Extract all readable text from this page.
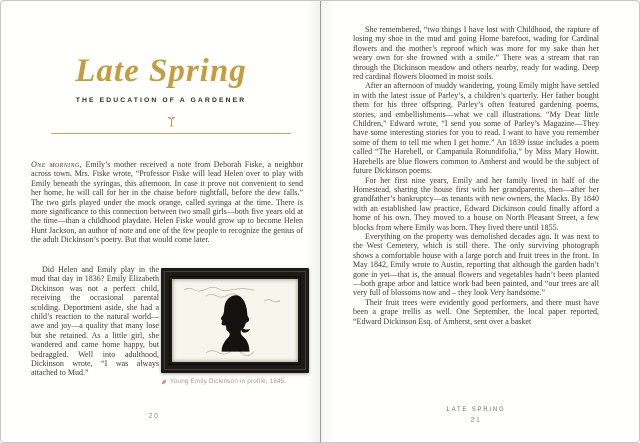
Late Spring
THE EDUCATION OF A GARDENER

One morning, Emily’s mother received a note from Deborah Fiske, a neighbor across town. Mrs. Fiske wrote, “Professor Fiske will lead Helen over to play with Emily beneath the syringas, this afternoon. In case it prove not convenient to send her home, he will call for her in the chaise before nightfall, before the dew falls.” The two girls played under the mock orange, called syringa at the time. There is more significance to this connection between two small girls—both five years old at the time—than a childhood playdate. Helen Fiske would grow up to become Helen Hunt Jackson, an author of note and one of the few people to recognize the genius of the adult Dickinson’s poetry. But that would come later.

Did Helen and Emily play in the mud that day in 1836? Emily Elizabeth Dickinson was not a perfect child, receiving the occasional parental scolding. Deportment aside, she had a child’s reaction to the natural world—awe and joy—a quality that many lose but she retained. As a little girl, she wandered and came home happy, but bedraggled. Well into adulthood, Dickinson wrote, “I was always attached to Mud.”

Young Emily Dickinson in profile, 1845.
20

She remembered, “two things I have lost with Childhood, the rapture of losing my shoe in the mud and going Home barefoot, wading for Cardinal flowers and the mother’s reproof which was more for my sake than her weary own for she frowned with a smile.” There was a stream that ran through the Dickinson meadow and others nearby, ready for wading. Deep red cardinal flowers bloomed in moist soils.

After an afternoon of muddy wandering, young Emily might have settled in with the latest issue of Parley’s, a children’s quarterly. Her father bought them for his three offspring. Parley’s often featured gardening poems, stories, and embellishments—what we call illustrations. “My Dear little Children,” Edward wrote, “I send you some of Parley’s Magazine—They have some interesting stories for you to read. I want to have you remember some of them to tell me when I get home.” An 1839 issue includes a poem called “The Harebell, or Campanula Rotundifolia,” by Miss Mary Howitt. Harebells are blue flowers common to Amherst and would be the subject of future Dickinson poems.

For her first nine years, Emily and her family lived in half of the Homestead, sharing the house first with her grandparents, then—after her grandfather’s bankruptcy—as tenants with new owners, the Macks. By 1840 with an established law practice, Edward Dickinson could finally afford a home of his own. They moved to a house on North Pleasant Street, a few blocks from where Emily was born. They lived there until 1855.

Everything on the property was demolished decades ago. It was next to the West Cemetery, which is still there. The only surviving photograph shows a comfortable house with a large porch and fruit trees in the front. In May 1842, Emily wrote to Austin, reporting that although the garden hadn’t gone in yet—that is, the annual flowers and vegetables hadn’t been planted—both grape arbor and lattice work had been painted, and “our trees are all very full of blossoms now and – they look Very handsome.”

Their fruit trees were evidently good performers, and there must have been a grape trellis as well. One September, the local paper reported, “Edward Dickinson Esq. of Amherst, sent over a basket

LATE SPRING
21
